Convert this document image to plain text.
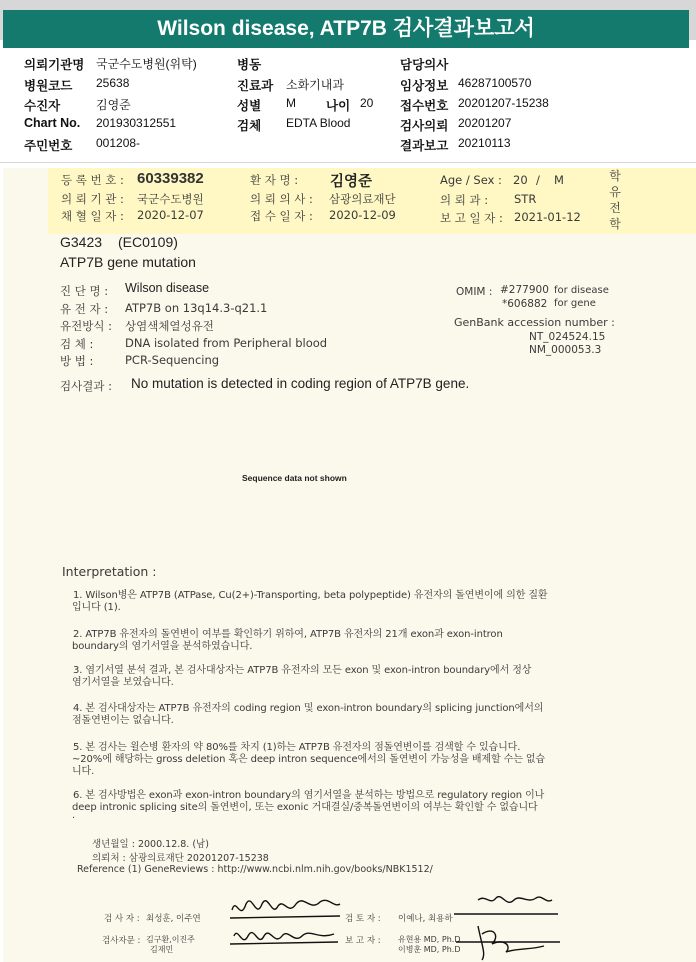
Wilson disease, ATP7B 검사결과보고서
의뢰기관명 국군수도병원(위탁)	병동	담당의사
병원코드 25638	진료과 소화기내과	임상정보 46287100570
수진자	김영준	성별 M 나이 20 접수번호 20201207-15238
Chart No. 201930312551	검체 EDTA Blood	검사의뢰 20201207
주민번호 001208-	결과보고 20210113
등 록 번 호 : 60339382	환 자 명 : 김영준	Age / Sex : 20 / M	학 유 전 학
의 뢰 기 관 : 국군수도병원	의 뢰 의 사 : 삼광의료재단	의 뢰 과 : STR
채 혈 일 자 : 2020-12-07	접 수 일 자 : 2020-12-09	보 고 일 자 : 2021-01-12
G3423 (EC0109)
ATP7B gene mutation
진 단 명 : Wilson disease
유 전 자 : ATP7B on 13q14.3-q21.1
유전방식 : 상염색체열성유전
검 체 :	DNA isolated from Peripheral blood
방 법 :	PCR-Sequencing
OMIM : #277900 for disease
*606882 for gene
GenBank accession number :
NT_024524.15
NM_000053.3
검사결과 : No mutation is detected in coding region of ATP7B gene.
Sequence data not shown
Interpretation :
1. Wilson병은 ATP7B (ATPase, Cu(2+)-Transporting, beta polypeptide) 유전자의 돌연변이에 의한 질환
입니다 (1).
2. ATP7B 유전자의 돌연변이 여부를 확인하기 위하여, ATP7B 유전자의 21개 exon과 exon-intron
boundary의 염기서열을 분석하였습니다.
3. 염기서열 분석 결과, 본 검사대상자는 ATP7B 유전자의 모든 exon 및 exon-intron boundary에서 정상
염기서열을 보였습니다.
4. 본 검사대상자는 ATP7B 유전자의 coding region 및 exon-intron boundary의 splicing junction에서의
점돌연변이는 없습니다.
5. 본 검사는 윌슨병 환자의 약 80%를 차지 (1)하는 ATP7B 유전자의 점돌연변이를 검색할 수 있습니다.
~20%에 해당하는 gross deletion 혹은 deep intron sequence에서의 돌연변이 가능성을 배제할 수는 없습
니다.
6. 본 검사방법은 exon과 exon-intron boundary의 염기서열을 분석하는 방법으로 regulatory region 이나
deep intronic splicing site의 돌연변이, 또는 exonic 거대결실/중복돌연변이의 여부는 확인할 수 없습니다
.
생년월일 : 2000.12.8. (남)
의뢰처 : 삼광의료재단 20201207-15238
Reference (1) GeneReviews : http://www.ncbi.nlm.nih.gov/books/NBK1512/
검 사 자 : 최성훈, 이주연
검사자문 : 김구환,이진주
김재민
검 토 자 : 이예나, 최용하
보 고 자 : 유현용 MD, Ph.D
이병훈 MD, Ph.D
